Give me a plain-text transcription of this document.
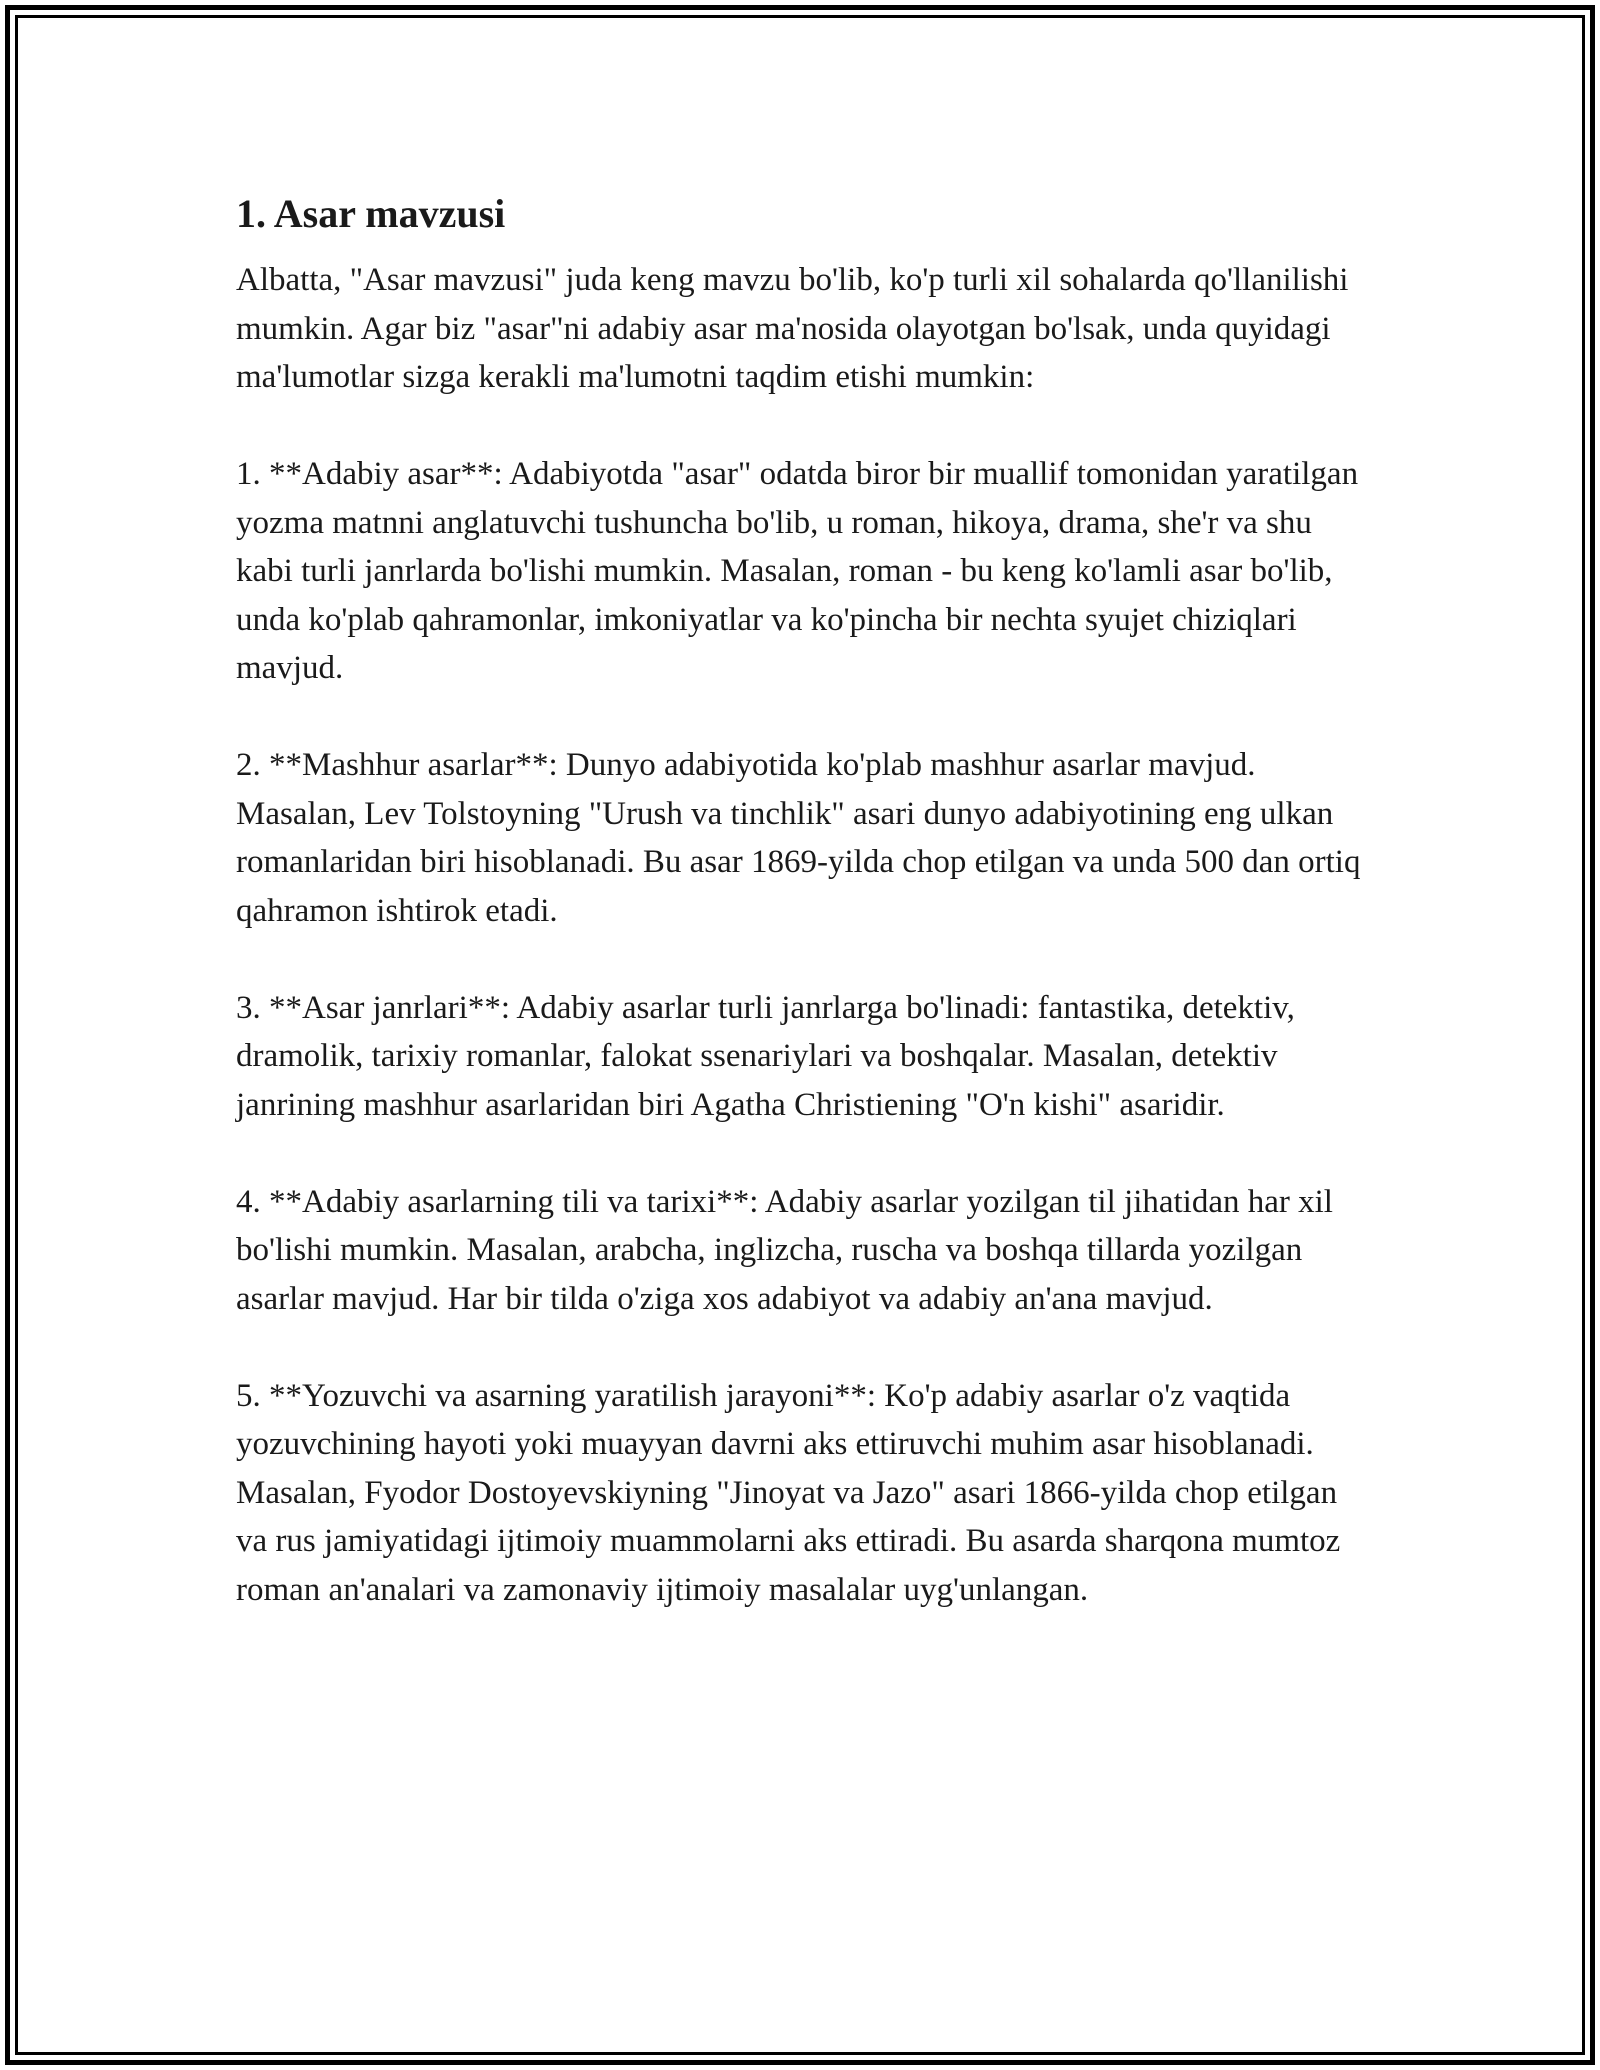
1. Asar mavzusi

Albatta, "Asar mavzusi" juda keng mavzu bo'lib, ko'p turli xil sohalarda qo'llanilishi mumkin. Agar biz "asar"ni adabiy asar ma'nosida olayotgan bo'lsak, unda quyidagi ma'lumotlar sizga kerakli ma'lumotni taqdim etishi mumkin:

1. **Adabiy asar**: Adabiyotda "asar" odatda biror bir muallif tomonidan yaratilgan yozma matnni anglatuvchi tushuncha bo'lib, u roman, hikoya, drama, she'r va shu kabi turli janrlarda bo'lishi mumkin. Masalan, roman - bu keng ko'lamli asar bo'lib, unda ko'plab qahramonlar, imkoniyatlar va ko'pincha bir nechta syujet chiziqlari mavjud.

2. **Mashhur asarlar**: Dunyo adabiyotida ko'plab mashhur asarlar mavjud. Masalan, Lev Tolstoyning "Urush va tinchlik" asari dunyo adabiyotining eng ulkan romanlaridan biri hisoblanadi. Bu asar 1869-yilda chop etilgan va unda 500 dan ortiq qahramon ishtirok etadi.

3. **Asar janrlari**: Adabiy asarlar turli janrlarga bo'linadi: fantastika, detektiv, dramolik, tarixiy romanlar, falokat ssenariylari va boshqalar. Masalan, detektiv janrining mashhur asarlaridan biri Agatha Christiening "O'n kishi" asaridir.

4. **Adabiy asarlarning tili va tarixi**: Adabiy asarlar yozilgan til jihatidan har xil bo'lishi mumkin. Masalan, arabcha, inglizcha, ruscha va boshqa tillarda yozilgan asarlar mavjud. Har bir tilda o'ziga xos adabiyot va adabiy an'ana mavjud.

5. **Yozuvchi va asarning yaratilish jarayoni**: Ko'p adabiy asarlar o'z vaqtida yozuvchining hayoti yoki muayyan davrni aks ettiruvchi muhim asar hisoblanadi. Masalan, Fyodor Dostoyevskiyning "Jinoyat va Jazo" asari 1866-yilda chop etilgan va rus jamiyatidagi ijtimoiy muammolarni aks ettiradi. Bu asarda sharqona mumtoz roman an'analari va zamonaviy ijtimoiy masalalar uyg'unlangan.
